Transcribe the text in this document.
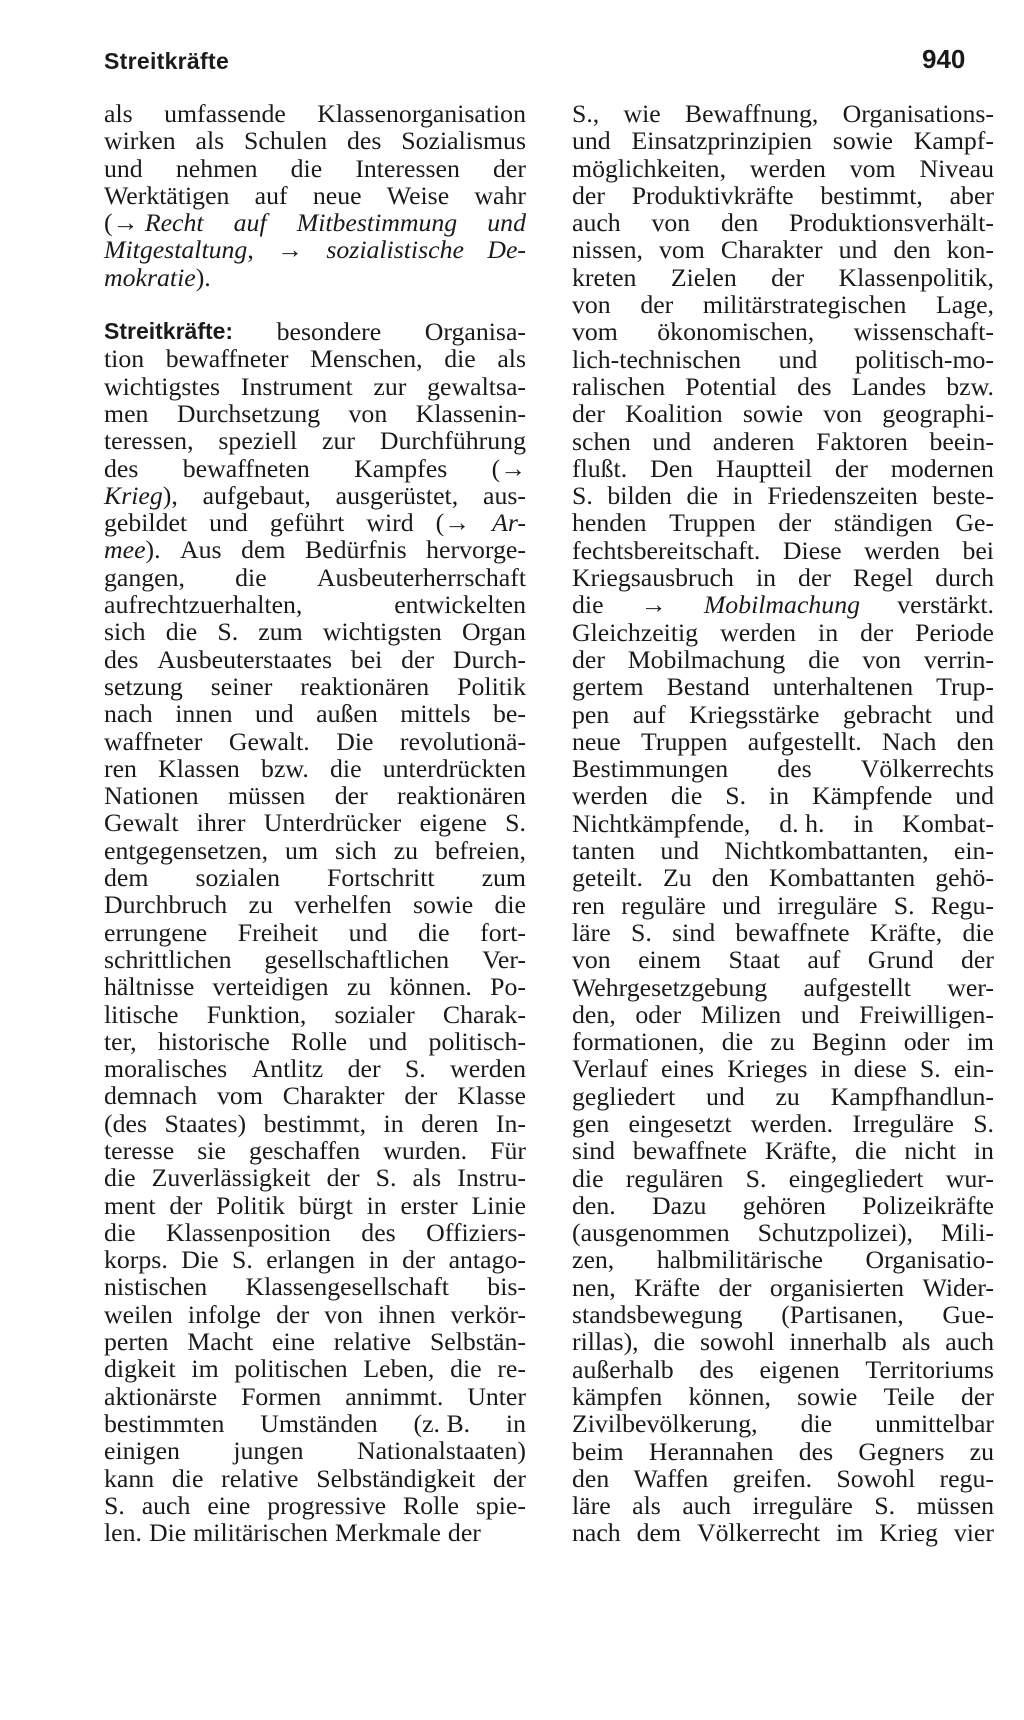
Streitkräfte	940
als umfassende Klassenorganisation
wirken als Schulen des Sozialismus
und nehmen die Interessen der
Werktätigen auf neue Weise wahr
(→ Recht auf Mitbestimmung und
Mitgestaltung, → sozialistische De-
mokratie).
Streitkräfte: besondere Organisa-
tion bewaffneter Menschen, die als
wichtigstes Instrument zur gewaltsa-
men Durchsetzung von Klassenin-
teressen, speziell zur Durchführung
des bewaffneten Kampfes (→
Krieg), aufgebaut, ausgerüstet, aus-
gebildet und geführt wird (→ Ar-
mee). Aus dem Bedürfnis hervorge-
gangen, die Ausbeuterherrschaft
aufrechtzuerhalten,	entwickelten
sich die S. zum wichtigsten Organ
des Ausbeuterstaates bei der Durch-
setzung seiner reaktionären Politik
nach innen und außen mittels be-
waffneter Gewalt. Die revolutionä-
ren Klassen bzw. die unterdrückten
Nationen müssen der reaktionären
Gewalt ihrer Unterdrücker eigene S.
entgegensetzen, um sich zu befreien,
dem sozialen Fortschritt zum
Durchbruch zu verhelfen sowie die
errungene Freiheit und die fort-
schrittlichen gesellschaftlichen Ver-
hältnisse verteidigen zu können. Po-
litische Funktion, sozialer Charak-
ter, historische Rolle und politisch-
moralisches Antlitz der S. werden
demnach vom Charakter der Klasse
(des Staates) bestimmt, in deren In-
teresse sie geschaffen wurden. Für
die Zuverlässigkeit der S. als Instru-
ment der Politik bürgt in erster Linie
die Klassenposition des Offiziers-
korps. Die S. erlangen in der antago-
nistischen Klassengesellschaft bis-
weilen infolge der von ihnen verkör-
perten Macht eine relative Selbstän-
digkeit im politischen Leben, die re-
aktionärste Formen annimmt. Unter
bestimmten Umständen (z. B. in
einigen jungen Nationalstaaten)
kann die relative Selbständigkeit der
S. auch eine progressive Rolle spie-
len. Die militärischen Merkmale der
S., wie Bewaffnung, Organisations-
und Einsatzprinzipien sowie Kampf-
möglichkeiten, werden vom Niveau
der Produktivkräfte bestimmt, aber
auch von den Produktionsverhält-
nissen, vom Charakter und den kon-
kreten Zielen der Klassenpolitik,
von der militärstrategischen Lage,
vom ökonomischen, wissenschaft-
lich-technischen und politisch-mo-
ralischen Potential des Landes bzw.
der Koalition sowie von geographi-
schen und anderen Faktoren beein-
flußt. Den Hauptteil der modernen
S. bilden die in Friedenszeiten beste-
henden Truppen der ständigen Ge-
fechtsbereitschaft. Diese werden bei
Kriegsausbruch in der Regel durch
die → Mobilmachung verstärkt.
Gleichzeitig werden in der Periode
der Mobilmachung die von verrin-
gertem Bestand unterhaltenen Trup-
pen auf Kriegsstärke gebracht und
neue Truppen aufgestellt. Nach den
Bestimmungen des Völkerrechts
werden die S. in Kämpfende und
Nichtkämpfende, d. h. in Kombat-
tanten und Nichtkombattanten, ein-
geteilt. Zu den Kombattanten gehö-
ren reguläre und irreguläre S. Regu-
läre S. sind bewaffnete Kräfte, die
von einem Staat auf Grund der
Wehrgesetzgebung aufgestellt wer-
den, oder Milizen und Freiwilligen-
formationen, die zu Beginn oder im
Verlauf eines Krieges in diese S. ein-
gegliedert und zu Kampfhandlun-
gen eingesetzt werden. Irreguläre S.
sind bewaffnete Kräfte, die nicht in
die regulären S. eingegliedert wur-
den. Dazu gehören Polizeikräfte
(ausgenommen Schutzpolizei), Mili-
zen, halbmilitärische Organisatio-
nen, Kräfte der organisierten Wider-
standsbewegung (Partisanen, Gue-
rillas), die sowohl innerhalb als auch
außerhalb des eigenen Territoriums
kämpfen können, sowie Teile der
Zivilbevölkerung, die unmittelbar
beim Herannahen des Gegners zu
den Waffen greifen. Sowohl regu-
läre als auch irreguläre S. müssen
nach dem Völkerrecht im Krieg vier
